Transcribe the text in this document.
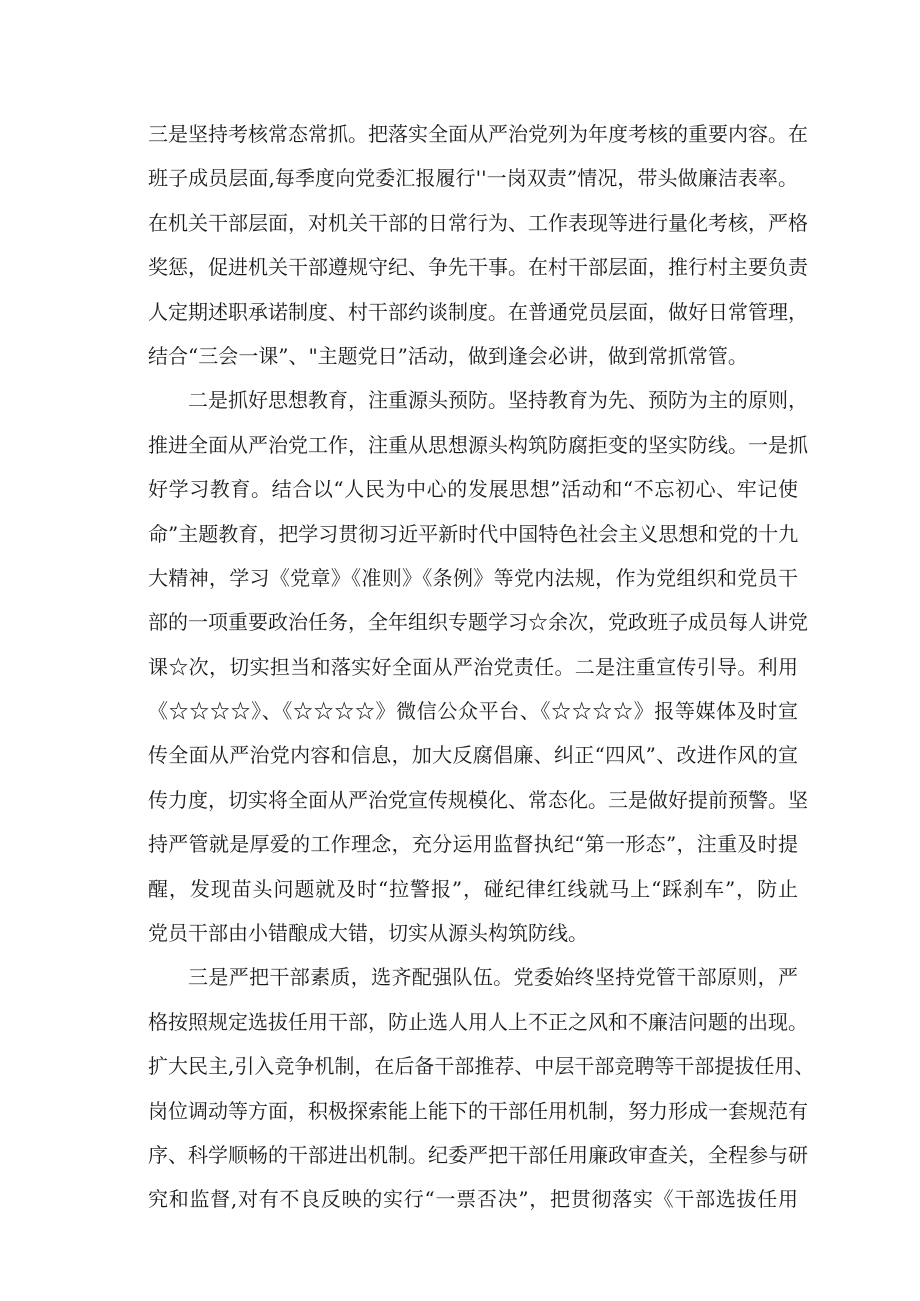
三是坚持考核常态常抓。把落实全面从严治党列为年度考核的重要内容。在
班子成员层面,每季度向党委汇报履行''一岗双责”情况，带头做廉洁表率。
在机关干部层面，对机关干部的日常行为、工作表现等进行量化考核，严格
奖惩，促进机关干部遵规守纪、争先干事。在村干部层面，推行村主要负责
人定期述职承诺制度、村干部约谈制度。在普通党员层面，做好日常管理，
结合“三会一课”、"主题党日”活动，做到逢会必讲，做到常抓常管。
二是抓好思想教育，注重源头预防。坚持教育为先、预防为主的原则，
推进全面从严治党工作，注重从思想源头构筑防腐拒变的坚实防线。一是抓
好学习教育。结合以“人民为中心的发展思想”活动和“不忘初心、牢记使
命”主题教育，把学习贯彻习近平新时代中国特色社会主义思想和党的十九
大精神，学习《党章》《准则》《条例》等党内法规，作为党组织和党员干
部的一项重要政治任务，全年组织专题学习☆余次，党政班子成员每人讲党
课☆次，切实担当和落实好全面从严治党责任。二是注重宣传引导。利用
《☆☆☆☆》、《☆☆☆☆》微信公众平台、《☆☆☆☆》报等媒体及时宣
传全面从严治党内容和信息，加大反腐倡廉、纠正“四风”、改进作风的宣
传力度，切实将全面从严治党宣传规模化、常态化。三是做好提前预警。坚
持严管就是厚爱的工作理念，充分运用监督执纪“第一形态”，注重及时提
醒，发现苗头问题就及时“拉警报”，碰纪律红线就马上“踩刹车”，防止
党员干部由小错酿成大错，切实从源头构筑防线。
三是严把干部素质，选齐配强队伍。党委始终坚持党管干部原则，严
格按照规定选拔任用干部，防止选人用人上不正之风和不廉洁问题的出现。
扩大民主,引入竞争机制，在后备干部推荐、中层干部竞聘等干部提拔任用、
岗位调动等方面，积极探索能上能下的干部任用机制，努力形成一套规范有
序、科学顺畅的干部进出机制。纪委严把干部任用廉政审查关，全程参与研
究和监督,对有不良反映的实行“一票否决”，把贯彻落实《干部选拔任用
